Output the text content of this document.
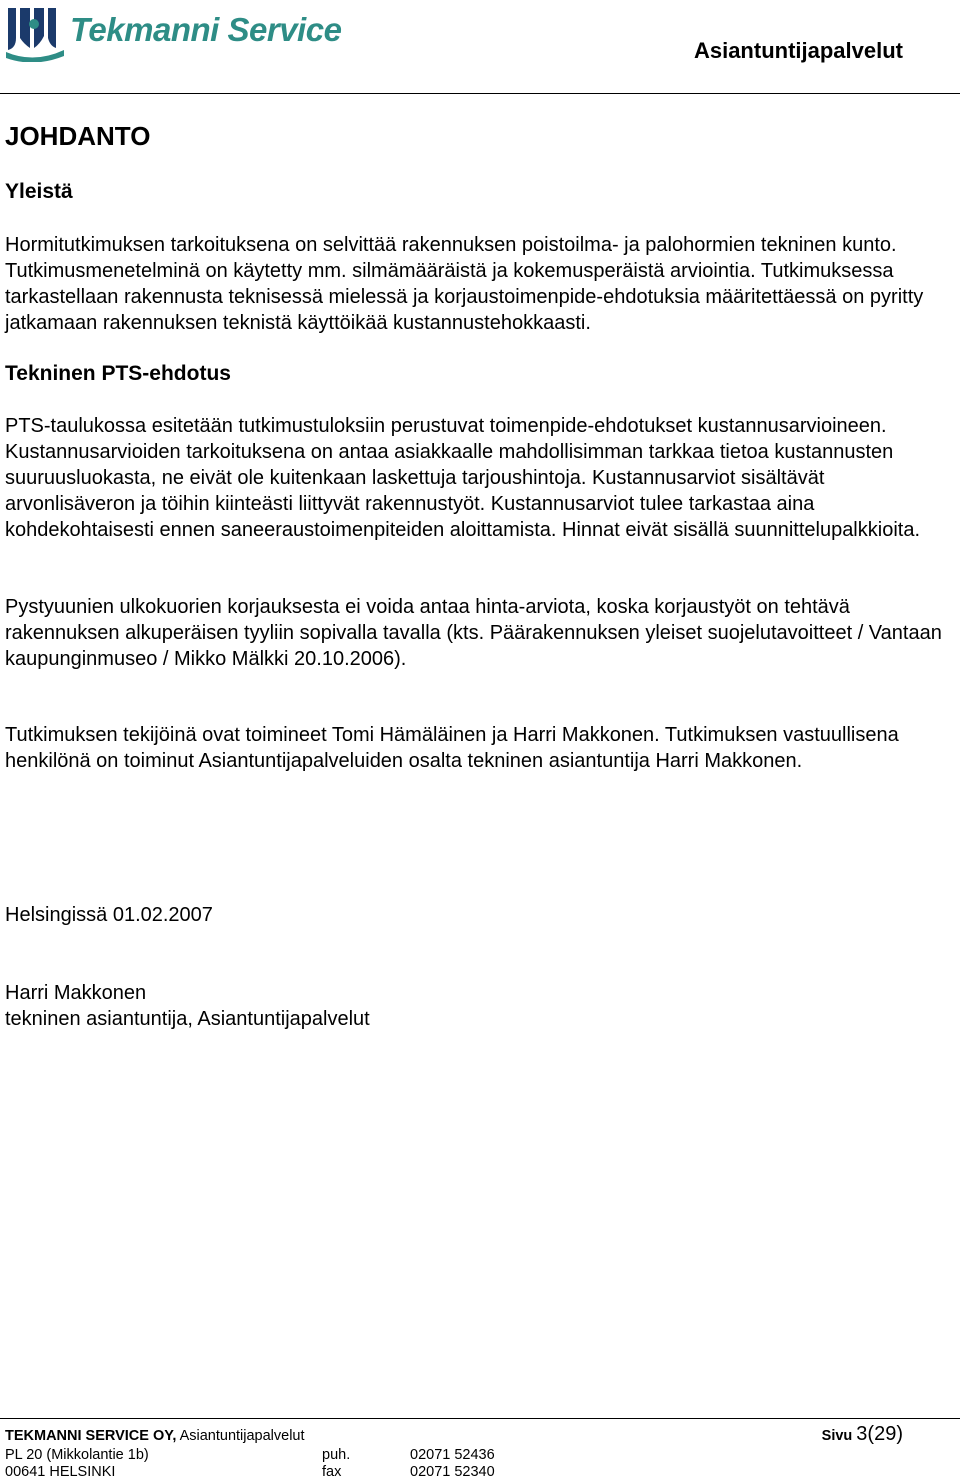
Tekmanni Service
Asiantuntijapalvelut
JOHDANTO
Yleistä

Hormitutkimuksen tarkoituksena on selvittää rakennuksen poistoilma- ja palohormien tekninen kunto. Tutkimusmenetelminä on käytetty mm. silmämääräistä ja kokemusperäistä arviointia. Tutkimuksessa tarkastellaan rakennusta teknisessä mielessä ja korjaustoimenpide-ehdotuksia määritettäessä on pyritty jatkamaan rakennuksen teknistä käyttöikää kustannustehokkaasti.

Tekninen PTS-ehdotus

PTS-taulukossa esitetään tutkimustuloksiin perustuvat toimenpide-ehdotukset kustannusarvioineen. Kustannusarvioiden tarkoituksena on antaa asiakkaalle mahdollisimman tarkkaa tietoa kustannusten suuruusluokasta, ne eivät ole kuitenkaan laskettuja tarjoushintoja. Kustannusarviot sisältävät arvonlisäveron ja töihin kiinteästi liittyvät rakennustyöt. Kustannusarviot tulee tarkastaa aina kohdekohtaisesti ennen saneeraustoimenpiteiden aloittamista. Hinnat eivät sisällä suunnittelupalkkioita.

Pystyuunien ulkokuorien korjauksesta ei voida antaa hinta-arviota, koska korjaustyöt on tehtävä rakennuksen alkuperäisen tyyliin sopivalla tavalla (kts. Päärakennuksen yleiset suojelutavoitteet / Vantaan kaupunginmuseo / Mikko Mälkki 20.10.2006).

Tutkimuksen tekijöinä ovat toimineet Tomi Hämäläinen ja Harri Makkonen. Tutkimuksen vastuullisena henkilönä on toiminut Asiantuntijapalveluiden osalta tekninen asiantuntija Harri Makkonen.

Helsingissä 01.02.2007

Harri Makkonen

tekninen asiantuntija, Asiantuntijapalvelut

TEKMANNI SERVICE OY, Asiantuntijapalvelut
PL 20 (Mikkolantie 1b)
00641 HELSINKI
puh.	02071 52436
fax	02071 52340
Sivu 3(29)
